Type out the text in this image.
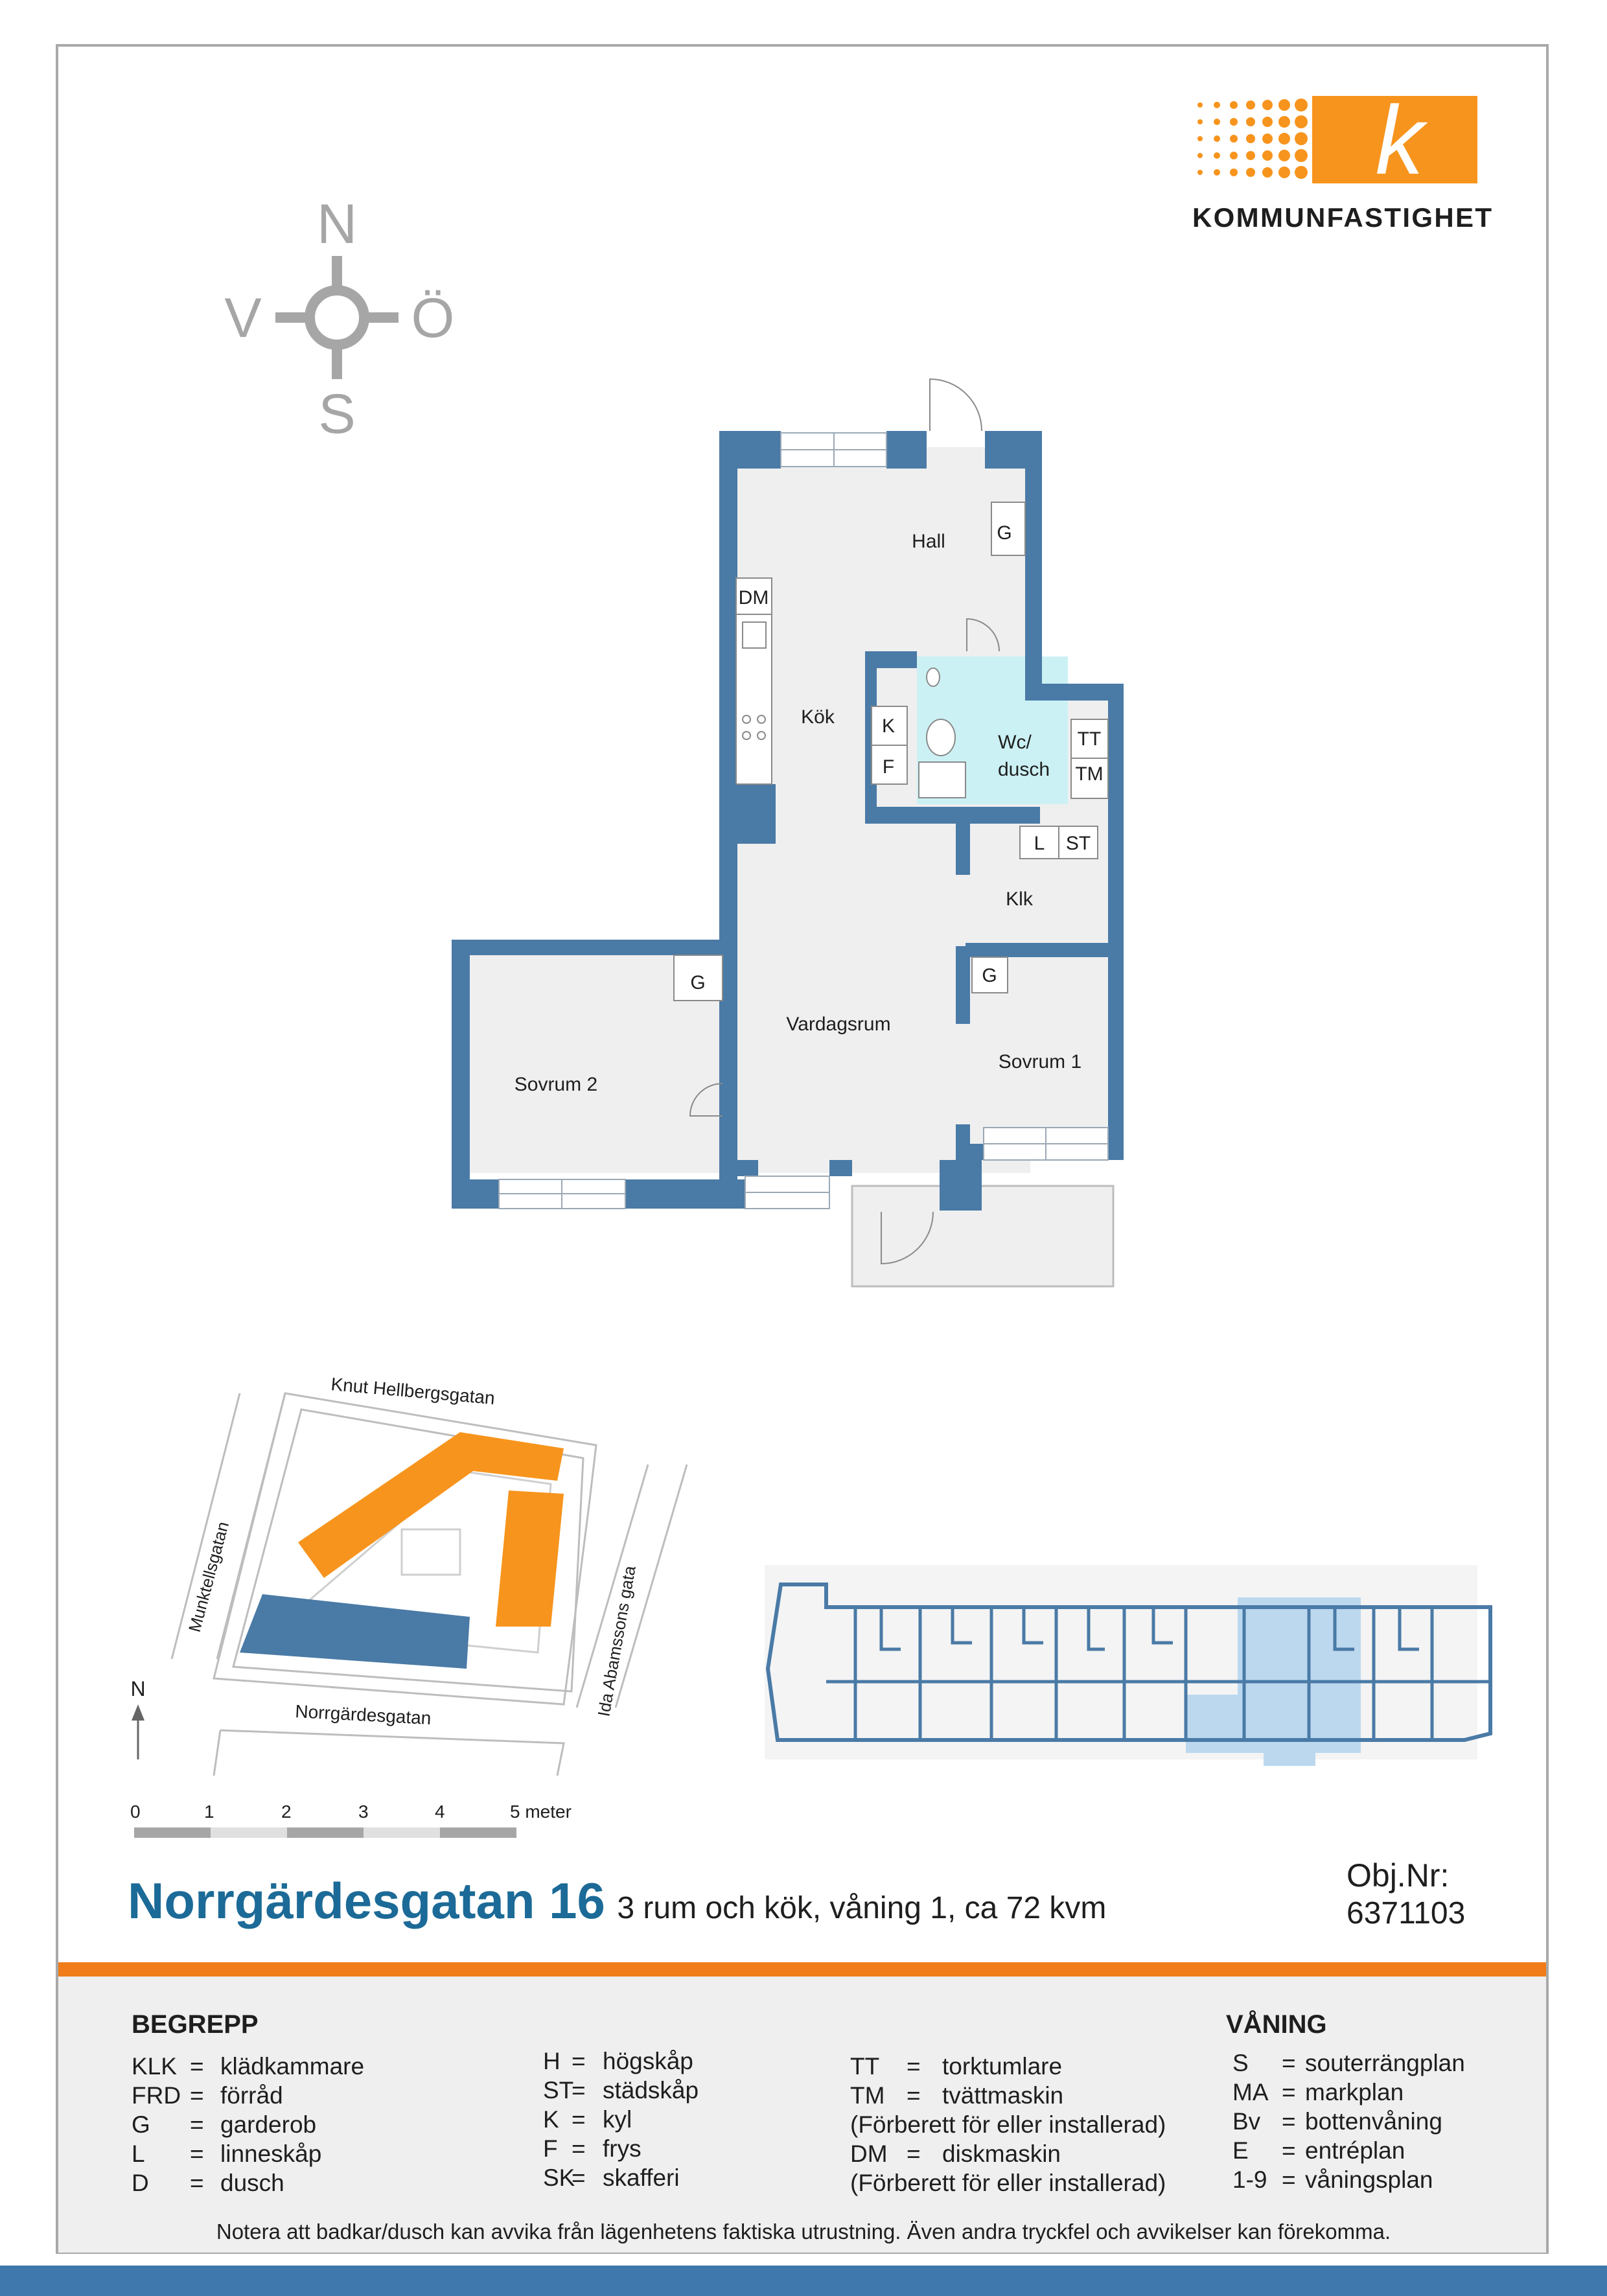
k
KOMMUNFASTIGHET
N
S
V	Ö
Hall
Kök
Wc/
dusch
Klk
Vardagsrum
Sovrum 1
Sovrum 2
G
DM
K
F
TT
TM
L ST
G	G
Knut Hellbergsgatan
Munktellsgatan	Ida Abamssons gata
Norrgärdesgatan
N
0	1	2	3	4	5 meter
Norrgärdesgatan 16 3 rum och kök, våning 1, ca 72 kvm
Obj.Nr:
6371103
BEGREPP	VÅNING
KLK = klädkammare
FRD = förråd
G = garderob
L = linneskåp
D = dusch
H = högskåp
ST
= städskåp
K = kyl
F = frys
SK
= skafferi
TT = torktumlare
TM = tvättmaskin
(Förberett för eller installerad)
DM = diskmaskin
(Förberett för eller installerad)
S = souterrängplan
MA = markplan
Bv = bottenvåning
E = entréplan
1-9 = våningsplan
Notera att badkar/dusch kan avvika från lägenhetens faktiska utrustning. Även andra tryckfel och avvikelser kan förekomma.
